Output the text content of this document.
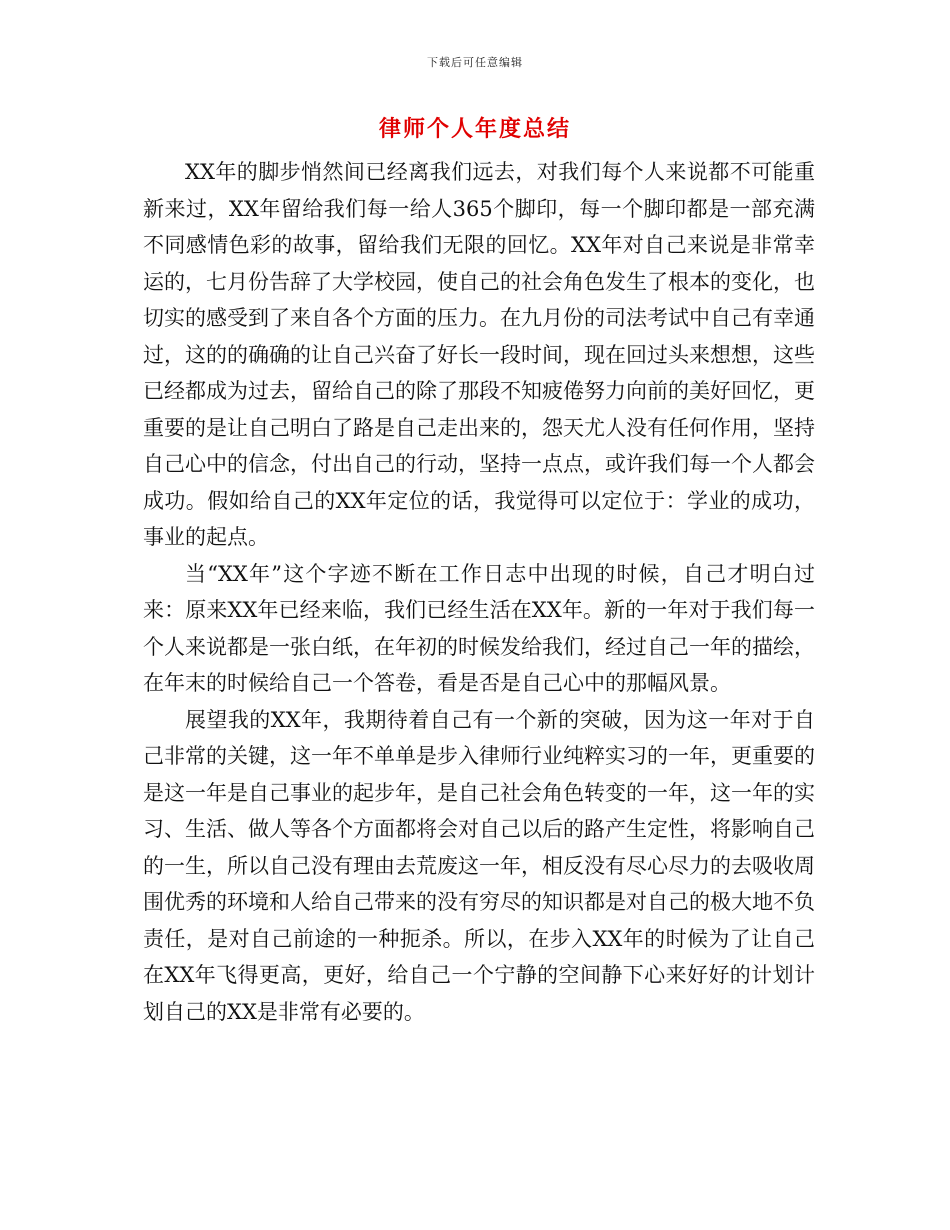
下载后可任意编辑
律师个人年度总结

XX年的脚步悄然间已经离我们远去，对我们每个人来说都不可能重新来过，XX年留给我们每一给人365个脚印，每一个脚印都是一部充满不同感情色彩的故事，留给我们无限的回忆。XX年对自己来说是非常幸运的，七月份告辞了大学校园，使自己的社会角色发生了根本的变化，也切实的感受到了来自各个方面的压力。在九月份的司法考试中自己有幸通过，这的的确确的让自己兴奋了好长一段时间，现在回过头来想想，这些已经都成为过去，留给自己的除了那段不知疲倦努力向前的美好回忆，更重要的是让自己明白了路是自己走出来的，怨天尤人没有任何作用，坚持自己心中的信念，付出自己的行动，坚持一点点，或许我们每一个人都会成功。假如给自己的XX年定位的话，我觉得可以定位于：学业的成功，事业的起点。

当“XX年”这个字迹不断在工作日志中出现的时候，自己才明白过来：原来XX年已经来临，我们已经生活在XX年。新的一年对于我们每一个人来说都是一张白纸，在年初的时候发给我们，经过自己一年的描绘，在年末的时候给自己一个答卷，看是否是自己心中的那幅风景。

展望我的XX年，我期待着自己有一个新的突破，因为这一年对于自己非常的关键，这一年不单单是步入律师行业纯粹实习的一年，更重要的是这一年是自己事业的起步年，是自己社会角色转变的一年，这一年的实习、生活、做人等各个方面都将会对自己以后的路产生定性，将影响自己的一生，所以自己没有理由去荒废这一年，相反没有尽心尽力的去吸收周围优秀的环境和人给自己带来的没有穷尽的知识都是对自己的极大地不负责任，是对自己前途的一种扼杀。所以，在步入XX年的时候为了让自己在XX年飞得更高，更好，给自己一个宁静的空间静下心来好好的计划计划自己的XX是非常有必要的。
